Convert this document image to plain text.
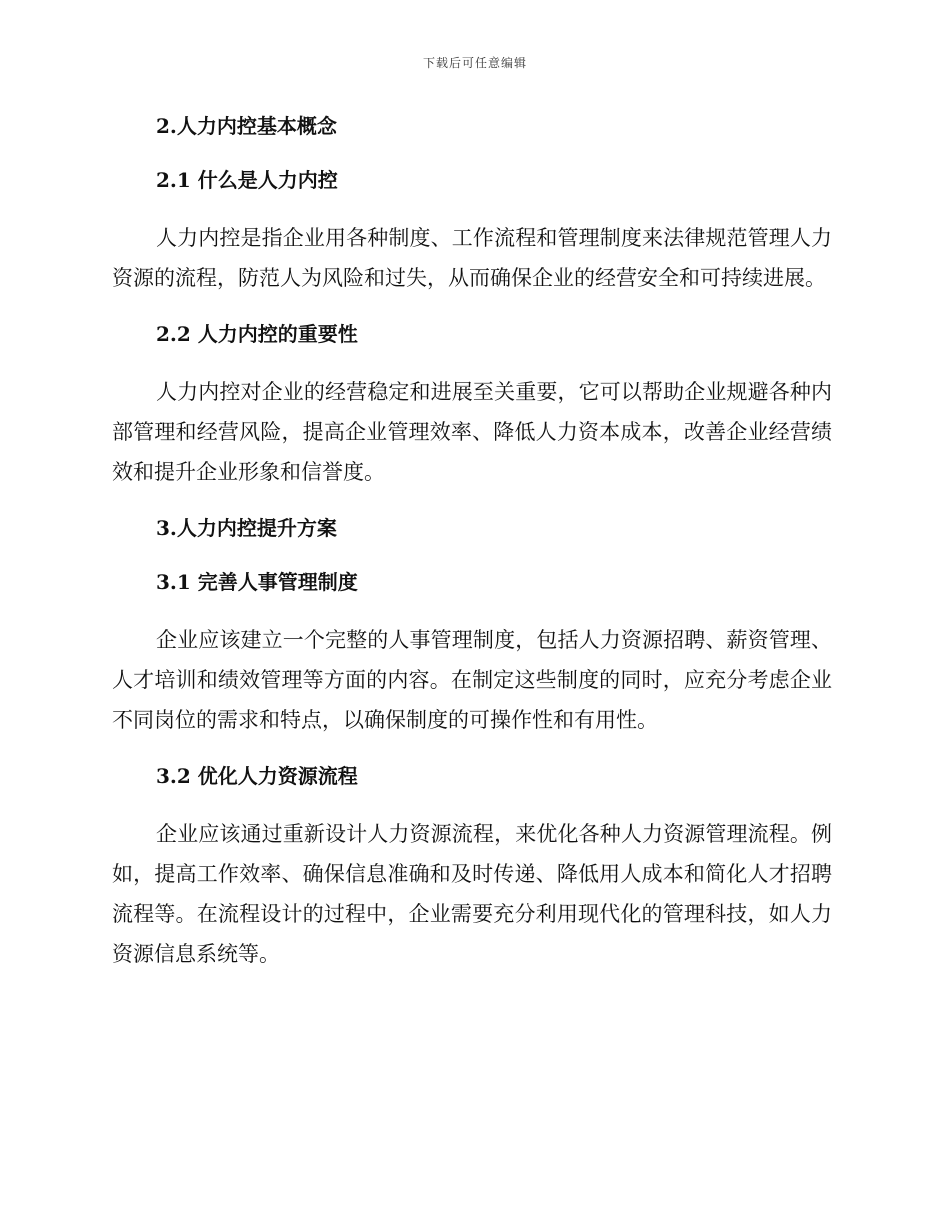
下载后可任意编辑
2.人力内控基本概念
2.1 什么是人力内控

人力内控是指企业用各种制度、工作流程和管理制度来法律规范管理人力资源的流程，防范人为风险和过失，从而确保企业的经营安全和可持续进展。

2.2 人力内控的重要性

人力内控对企业的经营稳定和进展至关重要，它可以帮助企业规避各种内部管理和经营风险，提高企业管理效率、降低人力资本成本，改善企业经营绩效和提升企业形象和信誉度。

3.人力内控提升方案
3.1 完善人事管理制度

企业应该建立一个完整的人事管理制度，包括人力资源招聘、薪资管理、人才培训和绩效管理等方面的内容。在制定这些制度的同时，应充分考虑企业不同岗位的需求和特点，以确保制度的可操作性和有用性。

3.2 优化人力资源流程

企业应该通过重新设计人力资源流程，来优化各种人力资源管理流程。例如，提高工作效率、确保信息准确和及时传递、降低用人成本和简化人才招聘流程等。在流程设计的过程中，企业需要充分利用现代化的管理科技，如人力资源信息系统等。
